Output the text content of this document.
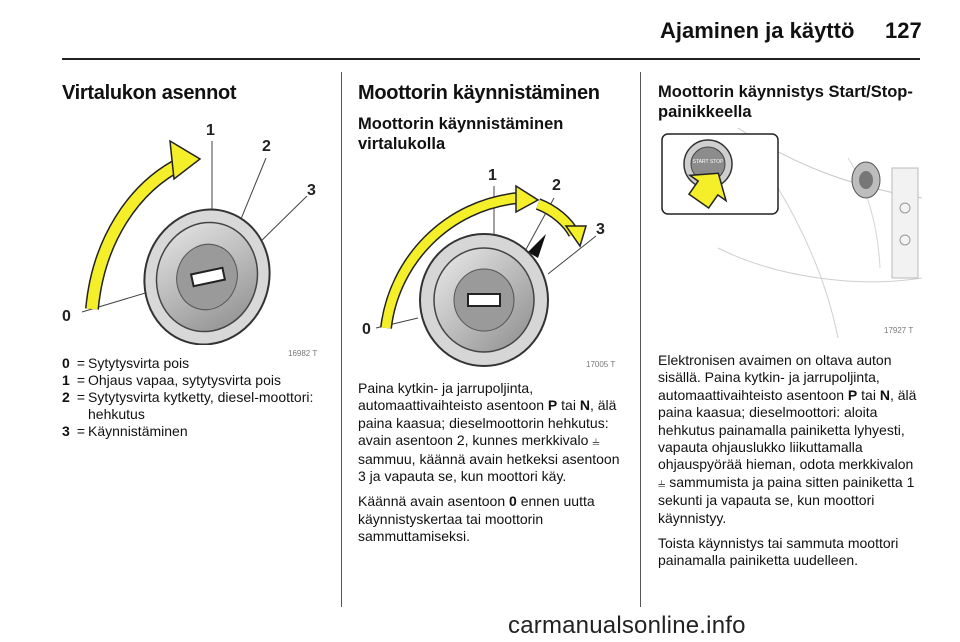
Ajaminen ja käyttö 127
Virtalukon asennot
1
2
3
0
16982 T
0 = Sytytysvirta pois
1 = Ohjaus vapaa, sytytysvirta pois
2 = Sytytysvirta kytketty, diesel-moottori: hehkutus
3 = Käynnistäminen
Moottorin käynnistäminen
Moottorin käynnistäminen virtalukolla
1
2
3
0
17005 T

Paina kytkin- ja jarrupoljinta, automaattivaihteisto asentoon P tai N, älä paina kaasua; dieselmoottorin hehkutus: avain asentoon 2, kunnes merkkivalo ⫨ sammuu, käännä avain hetkeksi asentoon 3 ja vapauta se, kun moottori käy.

Käännä avain asentoon 0 ennen uutta käynnistyskertaa tai moottorin sammuttamiseksi.

Moottorin käynnistys Start/Stop-painikkeella
START STOP
17927 T

Elektronisen avaimen on oltava auton sisällä. Paina kytkin- ja jarrupoljinta, automaattivaihteisto asentoon P tai N, älä paina kaasua; dieselmoottori: aloita hehkutus painamalla painiketta lyhyesti, vapauta ohjauslukko liikuttamalla ohjauspyörää hieman, odota merkkivalon ⫨ sammumista ja paina sitten painiketta 1 sekunti ja vapauta se, kun moottori käynnistyy.

Toista käynnistys tai sammuta moottori painamalla painiketta uudelleen.

carmanualsonline.info
